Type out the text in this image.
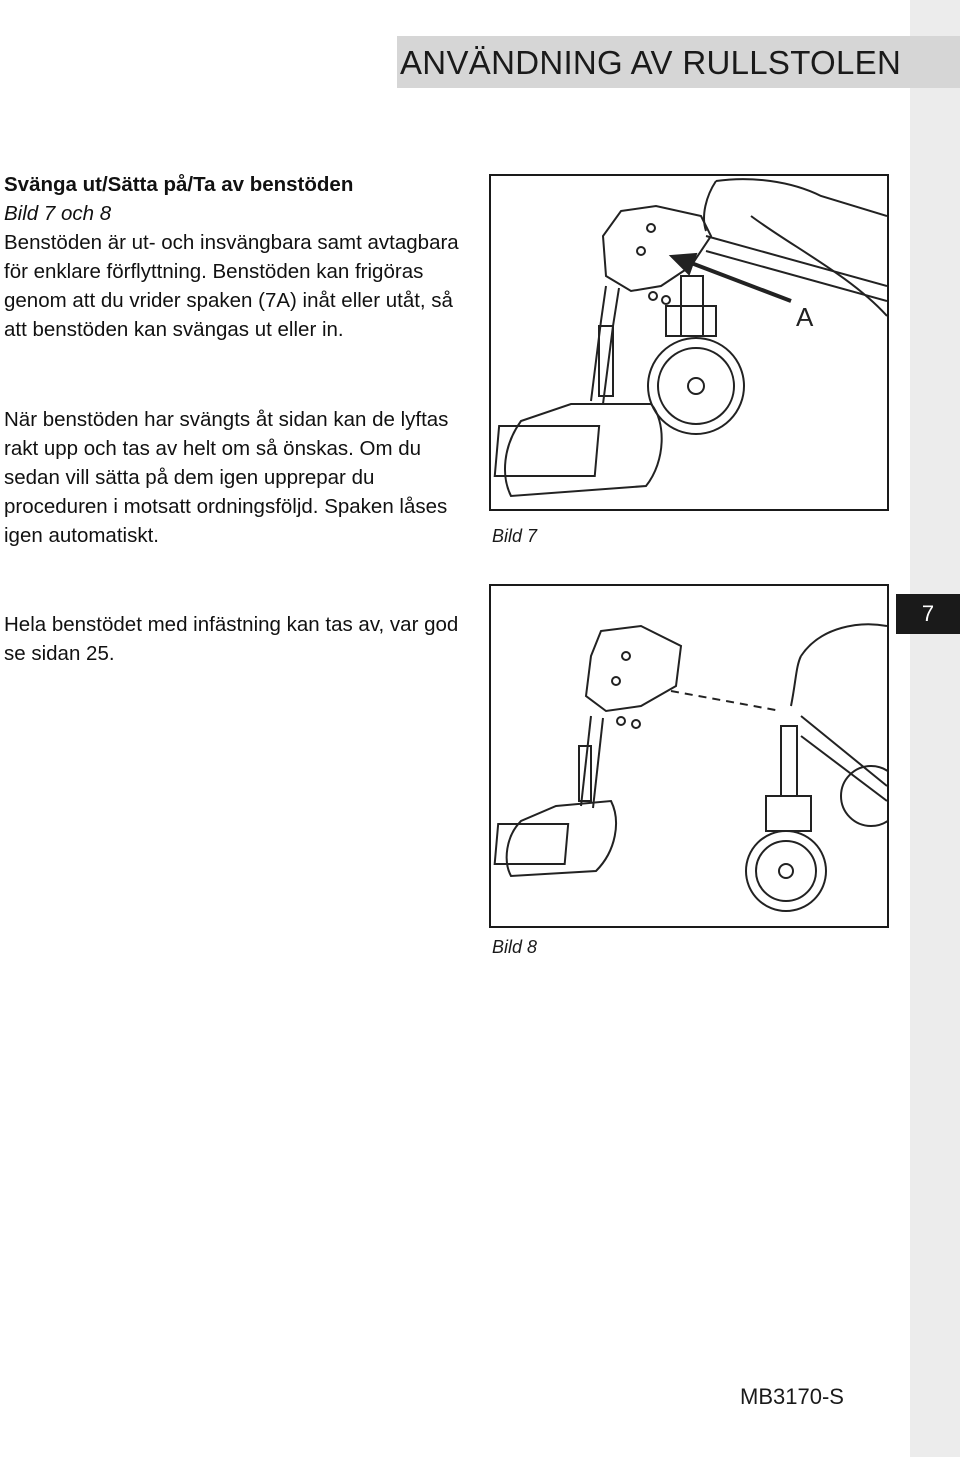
ANVÄNDNING AV RULLSTOLEN

Svänga ut/Sätta på/Ta av benstöden

Bild 7 och 8

Benstöden är ut- och insvängbara samt avtagbara för enklare förflyttning. Benstöden kan frigöras genom att du vrider spaken (7A) inåt eller utåt, så att benstöden kan svängas ut eller in.

När benstöden har svängts åt sidan kan de lyftas rakt upp och tas av helt om så önskas. Om du sedan vill sätta på dem igen upprepar du proceduren i motsatt ordningsföljd. Spaken låses igen automatiskt.

Hela benstödet med infästning kan tas av, var god se sidan 25.

A
Bild 7
Bild 8
7
MB3170-S
